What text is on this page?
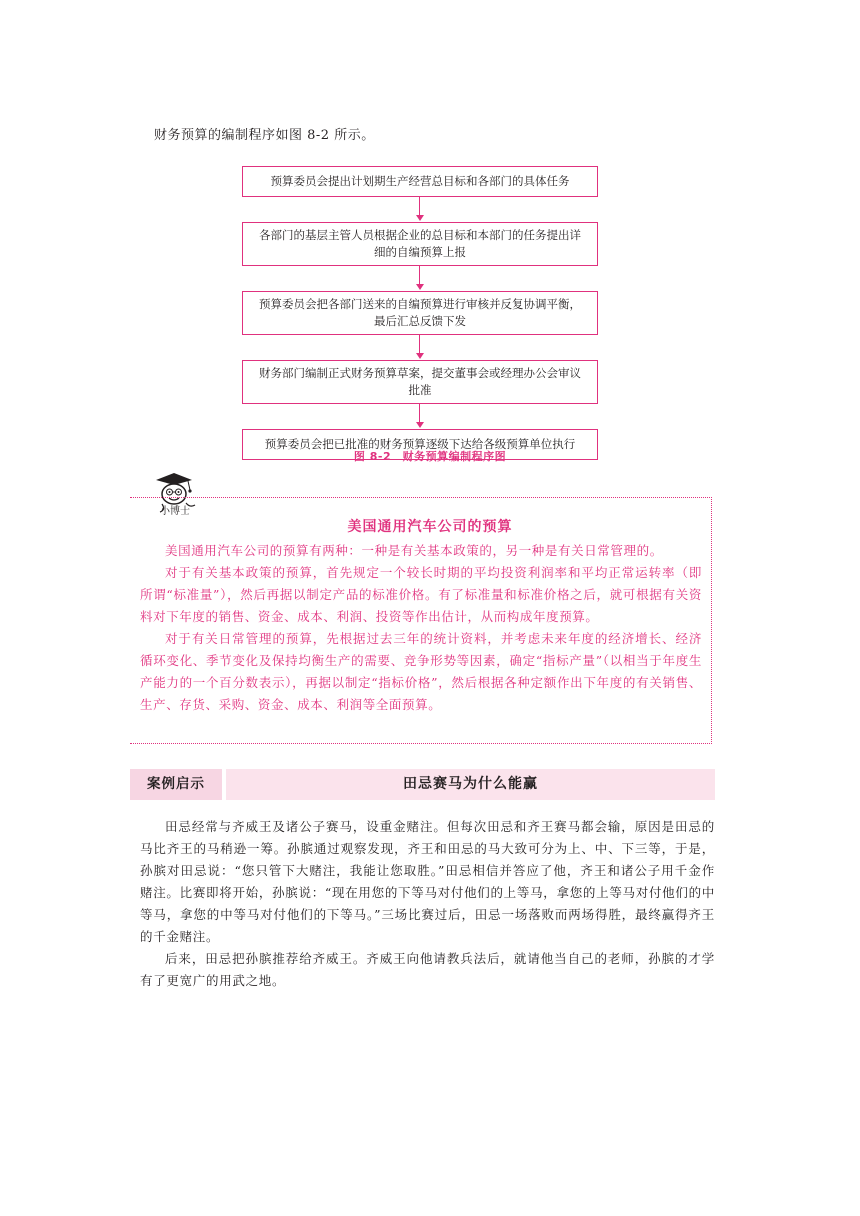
财务预算的编制程序如图 8-2 所示。
预算委员会提出计划期生产经营总目标和各部门的具体任务
各部门的基层主管人员根据企业的总目标和本部门的任务提出详细的自编预算上报
预算委员会把各部门送来的自编预算进行审核并反复协调平衡，最后汇总反馈下发
财务部门编制正式财务预算草案，提交董事会或经理办公会审议批准
预算委员会把已批准的财务预算逐级下达给各级预算单位执行
图 8-2　财务预算编制程序图
小博士
美国通用汽车公司的预算

美国通用汽车公司的预算有两种：一种是有关基本政策的，另一种是有关日常管理的。

对于有关基本政策的预算，首先规定一个较长时期的平均投资利润率和平均正常运转率（即所谓“标准量”），然后再据以制定产品的标准价格。有了标准量和标准价格之后，就可根据有关资料对下年度的销售、资金、成本、利润、投资等作出估计，从而构成年度预算。

对于有关日常管理的预算，先根据过去三年的统计资料，并考虑未来年度的经济增长、经济循环变化、季节变化及保持均衡生产的需要、竞争形势等因素，确定“指标产量”（以相当于年度生产能力的一个百分数表示），再据以制定“指标价格”，然后根据各种定额作出下年度的有关销售、生产、存货、采购、资金、成本、利润等全面预算。

案例启示	田忌赛马为什么能赢

田忌经常与齐威王及诸公子赛马，设重金赌注。但每次田忌和齐王赛马都会输，原因是田忌的马比齐王的马稍逊一筹。孙膑通过观察发现，齐王和田忌的马大致可分为上、中、下三等，于是，孙膑对田忌说：“您只管下大赌注，我能让您取胜。”田忌相信并答应了他，齐王和诸公子用千金作赌注。比赛即将开始，孙膑说：“现在用您的下等马对付他们的上等马，拿您的上等马对付他们的中等马，拿您的中等马对付他们的下等马。”三场比赛过后，田忌一场落败而两场得胜，最终赢得齐王的千金赌注。

后来，田忌把孙膑推荐给齐威王。齐威王向他请教兵法后，就请他当自己的老师，孙膑的才学有了更宽广的用武之地。
